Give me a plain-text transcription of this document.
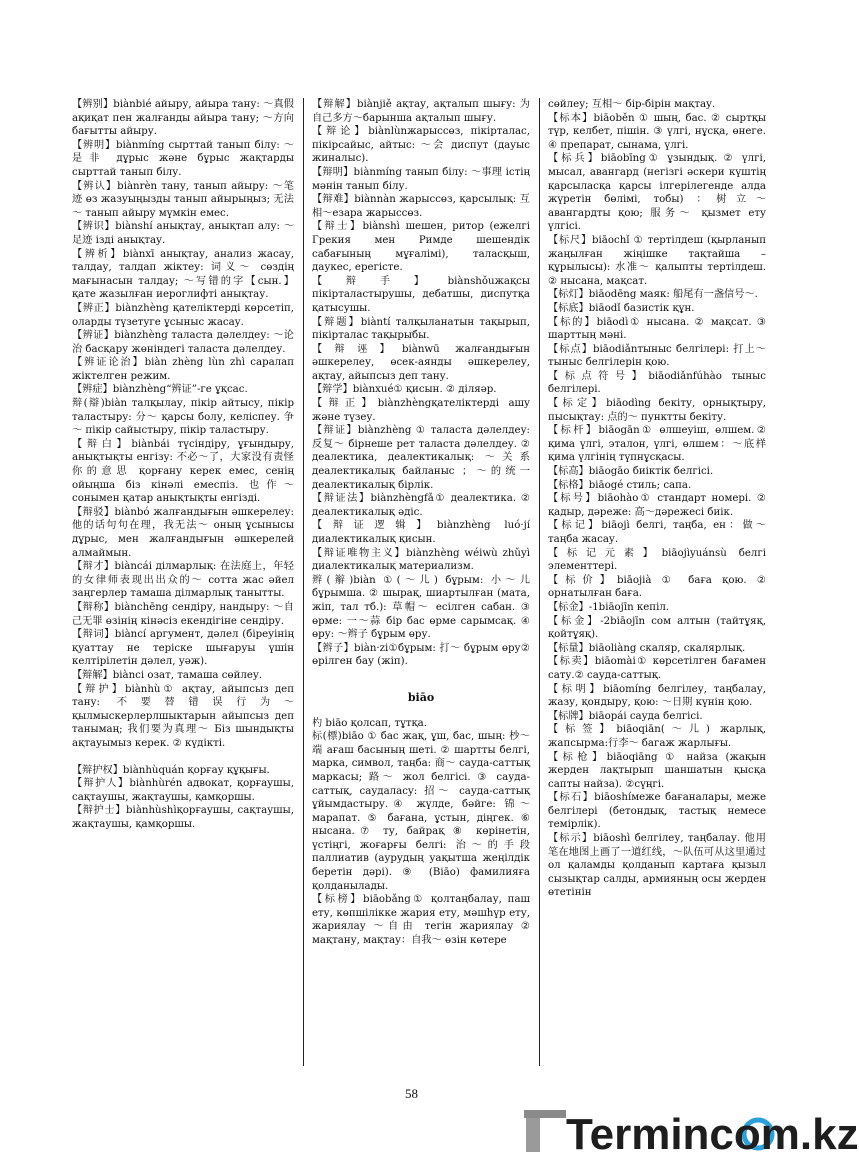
【辨别】biànbié айыру, айыра тану: ～真假 ақиқат пен жалғанды айыра тану; ～方向 бағытты айыру.

【辨明】biànmíng сырттай танып білу: ～是非 дұрыс және бұрыс жақтарды сырттай танып білу.

【辨认】biànrèn тану, танып айыру: ～笔迹 өз жазуыңызды танып айырыңыз; 无法～ танып айыру мүмкін емес.

【辨识】biànshí анықтау, анықтап алу: ～足迹 ізді анықтау.

【辨析】biànxī анықтау, анализ жасау, талдау, талдап жіктеу: 词义～ сөздің мағынасын талдау; ～写错的字【сын.】 қате жазылған иероглифті анықтау.

【辨正】biànzhèng қателіктерді көрсетіп, оларды түзетуге ұсыныс жасау.

【辨证】biànzhèng таласта дәлелдеу: ～论治 басқару жөніндегі таласта дәлелдеу.

【辨证论治】biàn zhèng lùn zhì саралап жіктелген режим.

【辨症】biànzhèng“辨证”-ге ұқсас.

辩(辯)biàn талқылау, пікір айтысу, пікір таластыру: 分～ қарсы болу, келіспеу. 争～ пікір сайыстыру, пікір таластыру.

【辩白】biànbái түсіндіру, ұғындыру, анықтықты енгізу: 不必～了，大家没有责怪你的意思 қорғану керек емес, сенің ойыңша біз кінәлі емеспіз. 也作～ сонымен қатар анықтықты енгізді.

【辩驳】biànbó жалғандығын әшкерелеу: 他的话句句在理，我无法～ оның ұсынысы дұрыс, мен жалғандығын әшкерелей алмаймын.

【辩才】biàncái ділмарлық: 在法庭上，年轻的女律师表现出出众的～ сотта жас әйел заңгерлер тамаша ділмарлық танытты.

【辩称】biànchēng сендіру, нандыру: ～自己无罪 өзінің кінәсіз екендігіне сендіру.

【辩词】biàncí аргумент, дәлел (біреуінің қуаттау не теріске шығаруы үшін келтірілетін дәлел, уәж).

【辩解】biànci озат, тамаша сөйлеу.

【辩护】biànhù① ақтау, айыпсыз деп тану: 不要替错误行为～ қылмыскерлерлшыктарын айыпсыз деп танымаң; 我们要为真理～ Біз шындықты ақтауымыз керек. ② күдікті.

【辩护权】biànhùquán қорғау құқығы.

【辩护人】biànhùrén адвокат, қорғаушы, сақтаушы, жақтаушы, қамқоршы.

【辩护士】biànhùshìқорғаушы, сақтаушы, жақтаушы, қамқоршы.

【辩解】biànjiě ақтау, ақталып шығу: 为自己多方～барынша ақталып шығу.

【辩论】biànlùnжарыссөз, пікірталас, пікірсайыс, айтыс: ～会 диспут (дауыс жиналыс).

【辩明】biànmíng танып білу: ～事理 істің мәнін танып білу.

【辩难】biànnàn жарыссөз, қарсылық: 互相～езара жарыссөз.

【辩士】biànshì шешен, ритор (ежелгі Грекия мен Римде шешендік сабағының мұғалімі), таласқыш, даукес, ерегісте.

【辩手】biànshǒuжақсы пікірталастырушы, дебатшы, диспутқа қатысушы.

【辩题】biàntí талқыланатын тақырып, пікірталас тақырыбы.

【辩诬】biànwū жалғандығын әшкерелеу, өсек-аянды әшкерелеу, ақтау, айыпсыз деп тану.

【辩学】biànxué① қисын. ② діляәр.

【辩正】biànzhèngқателіктерді ашу және түзеу.

【辩证】biànzhèng ① таласта дәлелдеу: 反复～ бірнеше рет таласта дәлелдеу. ② деалектика, деалектикалық: ～关系 деалектикалық байланыс ；～的统一 деалектикалық бірлік.

【辩证法】biànzhèngfǎ① деалектика. ② деалектикалық әдіс.

【辩证逻辑】biànzhèng luó·jí диалектикалық қисын.

【辩证唯物主义】biànzhèng wéiwù zhǔyì диалектикалық материализм.

辫(辮)biàn ①(～儿) бұрым: 小～儿 бұрымша. ② шырақ, шиартылған (мата, жіп, тал тб.): 草帽～ есілген сабан. ③ өрме: 一～蒜 бір бас өрме сарымсақ. ④ өру: ～辫子 бұрым өру.

【辫子】biàn·zi①бұрым: 打～ бұрым өру② өрілген бау (жіп).

biāo

杓 biāo қолсап, тұтқа.

标(標)biāo ① бас жақ, ұш, бас, шың: 杪～端 ағаш басының шеті. ② шартты белгі, марка, символ, таңба: 商～ сауда-саттық маркасы; 路～ жол белгісі. ③ сауда-саттық, саудаласу: 招～ сауда-саттық ұйымдастыру.④ жүлде, бәйге: 锦～ марапат. ⑤ бағана, ұстын, діңгек. ⑥ нысана.⑦ ту, байрақ ⑧ көрінетін, үстіңгі, жоғарғы белгі: 治～的手段 паллиатив (аурудың уақытша жеңілдік беретін дәрі). ⑨ (Biāo) фамилияға қолданылады.

【标榜】biāobǎng① қолтаңбалау, паш ету, көпшілікке жария ету, мәшһүр ету, жариялау ～自由 тегін жариялау ② мақтану, мақтау：自我～ өзін көтере

сөйлеу; 互相～ бір-бірін мақтау.

【标本】biāoběn ① шың, бас. ② сыртқы түр, келбет, пішін. ③ үлгі, нұсқа, өнеге. ④ препарат, сынама, үлгі.

【标兵】biāobīng① ұзындық. ② үлгі, мысал, авангард (негізгі әскери күштің қарсыласқа қарсы ілгерілегенде алда жүретін бөлімі, тобы) ：树立～ авангардты қою; 服务～ қызмет ету үлгісі.

【标尺】biāochǐ ① тертілдеш (қырланып жаңылған жіңішке тақтайша – құрылысы): 水准～ қалыпты тертілдеш. ② нысана, мақсат.

【标灯】biāodēng маяк: 船尾有一盏信号～.

【标底】biāodǐ базистік құн.

【标的】biāodì① нысана. ② мақсат. ③ шарттың мәні.

【标点】biāodiǎnтыныс белгілері: 打上～ тыныс белгілерін қою.

【标点符号】biāodiǎnfúhào тыныс белгілері.

【标定】biāodìng бекіту, орнықтыру, пысықтау: 点的～ пунктты бекіту.

【标杆】biāogān① өлшеуіш, өлшем.② қима үлгі, эталон, үлгі, өлшем：～底样 қима үлгінің түпнұсқасы.

【标高】biāogāo биіктік белгісі.

【标格】biāogé стиль; сапа.

【标号】biāohào① стандарт номері. ② қадыр, дәреже: 高～дәрежесі биік.

【标记】biāojì белгі, таңба, ен：做～ таңба жасау.

【标记元素】biāojìyuánsù белгі элементтері.

【标价】biāojià ① баға қою. ② орнатылған баға.

【标金】-1biāojīn кепіл.

【标金】-2biāojīn сом алтын (тайтұяқ, қойтұяқ).

【标量】biāoliàng скаляр, скалярлық.

【标卖】biāomài① көрсетілген бағамен сату.② сауда-саттық.

【标明】biāomíng белгілеу, таңбалау, жазу, қондыру, қою: ～日期 күнін қою.

【标牌】biāopái сауда белгісі.

【标签】biāoqiān(～儿) жарлық, жапсырма:行李～ багаж жарлығы.

【标枪】biāoqiāng ① найза (жақын жерден лақтырып шаншатын қысқа сапты найза). ②сүңгі.

【标石】biāoshíмеже бағаналары, меже белгілері (бетондық, тастық немесе темірлік).

【标示】biāoshì белгілеу, таңбалау. 他用笔在地图上画了一道红线，～队伍可从这里通过 ол қаламды қолданып картаға қызыл сызықтар салды, армияның осы жерден өтетінін

58
Termincom.kz
